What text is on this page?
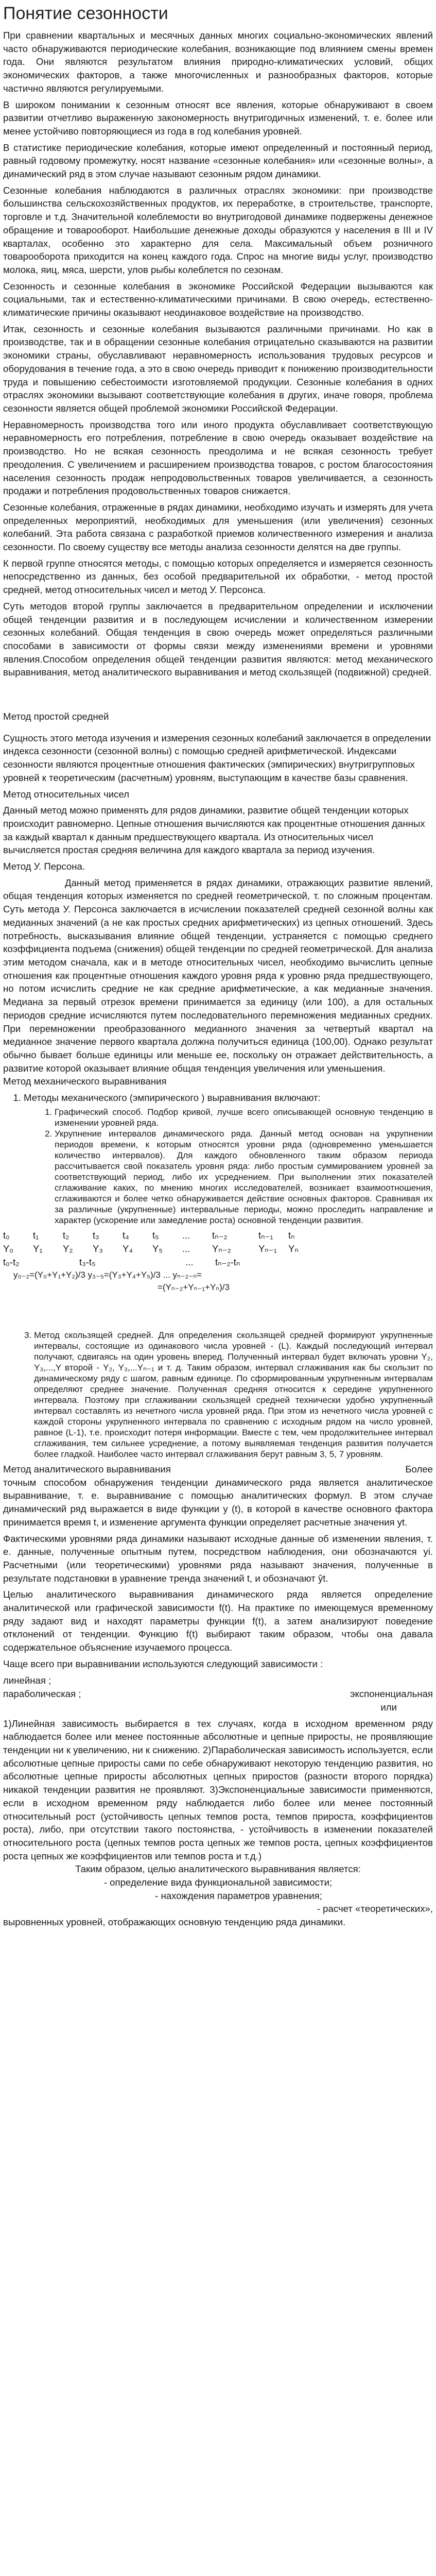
Понятие сезонности

При сравнении квартальных и месячных данных многих социально-экономических явлений часто обнаруживаются периодические колебания, возникающие под влиянием смены времен года. Они являются результатом влияния природно-климатических условий, общих экономических факторов, а также многочисленных и разнообразных факторов, которые частично являются регулируемыми.

В широком понимании к сезонным относят все явления, которые обнаруживают в своем развитии отчетливо выраженную закономерность внутригодичных изменений, т. е. более или менее устойчиво повторяющиеся из года в год колебания уровней.

В статистике периодические колебания, которые имеют определенный и постоянный период, равный годовому промежутку, носят название «сезонные колебания» или «сезонные волны», а динамический ряд в этом случае называют сезонным рядом динамики.

Сезонные колебания наблюдаются в различных отраслях экономики: при производстве большинства сельскохозяйственных продуктов, их переработке, в строительстве, транспорте, торговле и т.д. Значительной колеблемости во внутригодовой динамике подвержены денежное обращение и товарооборот. Наибольшие денежные доходы образуются у населения в III и IV кварталах, особенно это характерно для села. Максимальный объем розничного товарооборота приходится на конец каждого года. Спрос на многие виды услуг, производство молока, яиц, мяса, шерсти, улов рыбы колеблется по сезонам.

Сезонность и сезонные колебания в экономике Российской Федерации вызываются как социальными, так и естественно-климатическими причинами. В свою очередь, естественно-климатические причины оказывают неодинаковое воздействие на производство.

Итак, сезонность и сезонные колебания вызываются различными причинами. Но как в производстве, так и в обращении сезонные колебания отрицательно сказываются на развитии экономики страны, обуславливают неравномерность использования трудовых ресурсов и оборудования в течение года, а это в свою очередь приводит к понижению производительности труда и повышению себестоимости изготовляемой продукции. Сезонные колебания в одних отраслях экономики вызывают соответствующие колебания в других, иначе говоря, проблема сезонности является общей проблемой экономики Российской Федерации.

Неравномерность производства того или иного продукта обуславливает соответствующую неравномерность его потребления, потребление в свою очередь оказывает воздействие на производство. Но не всякая сезонность преодолима и не всякая сезонность требует преодоления. С увеличением и расширением производства товаров, с ростом благосостояния населения сезонность продаж непродовольственных товаров увеличивается, а сезонность продажи и потребления продовольственных товаров снижается.

Сезонные колебания, отраженные в рядах динамики, необходимо изучать и измерять для учета определенных мероприятий, необходимых для уменьшения (или увеличения) сезонных колебаний. Эта работа связана с разработкой приемов количественного измерения и анализа сезонности. По своему существу все методы анализа сезонности делятся на две группы.

К первой группе относятся методы, с помощью которых определяется и измеряется сезонность непосредственно из данных, без особой предварительной их обработки, - метод простой средней, метод относительных чисел и метод У. Персонса.

Суть методов второй группы заключается в предварительном определении и исключении общей тенденции развития и в последующем исчислении и количественном измерении сезонных колебаний. Общая тенденция в свою очередь может определяться различными способами в зависимости от формы связи между изменениями времени и уровнями явления.Способом определения общей тенденции развития являются: метод механического выравнивания, метод аналитического выравнивания и метод скользящей (подвижной) средней.

Метод простой средней

Сущность этого метода изучения и измерения сезонных колебаний заключается в определении индекса сезонности (сезонной волны) с помощью средней арифметической. Индексами сезонности являются процентные отношения фактических (эмпирических) внутригрупповых уровней к теоретическим (расчетным) уровням, выступающим в качестве базы сравнения.

Метод относительных чисел

Данный метод можно применять для рядов динамики, развитие общей тенденции которых происходит равномерно. Цепные отношения вычисляются как процентные отношения данных за каждый квартал к данным предшествующего квартала. Из относительных чисел вычисляется простая средняя величина для каждого квартала за период изучения.

Метод У. Персона.

Данный метод применяется в рядах динамики, отражающих развитие явлений, общая тенденция которых изменяется по средней геометрической, т. по сложным процентам. Суть метода У. Персонса заключается в исчислении показателей средней сезонной волны как медианных значений (а не как простых средних арифметических) из цепных отношений. Здесь потребность, высказывания влияние общей тенденции, устраняется с помощью среднего коэффициента подъема (снижения) общей тенденции по средней геометрической. Для анализа этим методом сначала, как и в методе относительных чисел, необходимо вычислить цепные отношения как процентные отношения каждого уровня ряда к уровню ряда предшествующего, но потом исчислить средние не как средние арифметические, а как медианные значения. Медиана за первый отрезок времени принимается за единицу (или 100), а для остальных периодов средние исчисляются путем последовательного перемножения медианных средних. При перемножении преобразованного медианного значения за четвертый квартал на медианное значение первого квартала должна получиться единица (100,00). Однако результат обычно бывает больше единицы или меньше ее, поскольку он отражает действительность, а развитие которой оказывает влияние общая тенденция увеличения или уменьшения.

Метод механического выравнивания

1. Методы механического (эмпирического ) выравнивания включают:
1. Графический способ. Подбор кривой, лучше всего описывающей основную тенденцию в изменении уровней ряда.
2. Укрупнение интервалов динамического ряда. Данный метод основан на укрупнении периодов времени, к которым относятся уровни ряда (одновременно уменьшается количество интервалов). Для каждого обновленного таким образом периода рассчитывается свой показатель уровня ряда: либо простым суммированием уровней за соответствующий период, либо их усреднением. При выполнении этих показателей сглаживание каких, по мнению многих исследователей, возникает взаимоотношения, сглаживаются и более четко обнаруживается действие основных факторов. Сравнивая их за различные (укрупненные) интервальные периоды, можно проследить направление и характер (ускорение или замедление роста) основной тенденции развития.
t₀	t₁	t₂	t₃	t₄	t₅	...	tₙ₋₂	tₙ₋₁	tₙ
Y₀	Y₁	Y₂	Y₃	Y₄	Y₅	...	Yₙ₋₂	Yₙ₋₁	Yₙ
t₀-t₂	t₃-t₅	...	tₙ₋₂-tₙ
y₀₋₂=(Y₀+Y₁+Y₂)/3 y₃₋₅=(Y₃+Y₄+Y₅)/3 ... yₙ₋₂₋ₙ=
=(Yₙ₋₂+Yₙ₋₁+Yₙ)/3
3. Метод скользящей средней. Для определения скользящей средней формируют укрупненные интервалы, состоящие из одинакового числа уровней - (L). Каждый последующий интервал получают, сдвигаясь на один уровень вперед. Полученный интервал будет включать уровни Y₂, Y₃,...,Y второй - Y₂, Y₃,...Yₙ₋₁ и т. д. Таким образом, интервал сглаживания как бы скользит по динамическому ряду с шагом, равным единице. По сформированным укрупненным интервалам определяют среднее значение. Полученная средняя относится к середине укрупненного интервала. Поэтому при сглаживании скользящей средней технически удобно укрупненный интервал составлять из нечетного числа уровней ряда. При этом из нечетного числа уровней с каждой стороны укрупненного интервала по сравнению с исходным рядом на число уровней, равное (L-1), т.е. происходит потеря информации. Вместе с тем, чем продолжительнее интервал сглаживания, тем сильнее усреднение, а потому выявляемая тенденция развития получается более гладкой. Наиболее часто интервал сглаживания берут равным 3, 5, 7 уровням.
Метод аналитического выравнивания	Более

точным способом обнаружения тенденции динамического ряда является аналитическое выравнивание, т. е. выравнивание с помощью аналитических формул. В этом случае динамический ряд выражается в виде функции y (t), в которой в качестве основного фактора принимается время t, и изменение аргумента функции определяет расчетные значения yt.

Фактическими уровнями ряда динамики называют исходные данные об изменении явления, т. е. данные, полученные опытным путем, посредством наблюдения, они обозначаются yi. Расчетными (или теоретическими) уровнями ряда называют значения, полученные в результате подстановки в уравнение тренда значений t, и обозначают ŷt.

Целью аналитического выравнивания динамического ряда является определение аналитической или графической зависимости f(t). На практике по имеющемуся временному ряду задают вид и находят параметры функции f(t), а затем анализируют поведение отклонений от тенденции. Функцию f(t) выбирают таким образом, чтобы она давала содержательное объяснение изучаемого процесса.

Чаще всего при выравнивании используются следующий зависимости :

линейная ;
параболическая ;	экспоненциальная
или

1)Линейная зависимость выбирается в тех случаях, когда в исходном временном ряду наблюдается более или менее постоянные абсолютные и цепные приросты, не проявляющие тенденции ни к увеличению, ни к снижению. 2)Параболическая зависимость используется, если абсолютные цепные приросты сами по себе обнаруживают некоторую тенденцию развития, но абсолютные цепные приросты абсолютных цепных приростов (разности второго порядка) никакой тенденции развития не проявляют. 3)Экспоненциальные зависимости применяются, если в исходном временном ряду наблюдается либо более или менее постоянный относительный рост (устойчивость цепных темпов роста, темпов прироста, коэффициентов роста), либо, при отсутствии такого постоянства, - устойчивость в изменении показателей относительного роста (цепных темпов роста цепных же темпов роста, цепных коэффициентов роста цепных же коэффициентов или темпов роста и т.д.)

Таким образом, целью аналитического выравнивания является:

- определение вида функциональной зависимости;

- нахождения параметров уравнения;

- расчет «теоретических»,

выровненных уровней, отображающих основную тенденцию ряда динамики.
